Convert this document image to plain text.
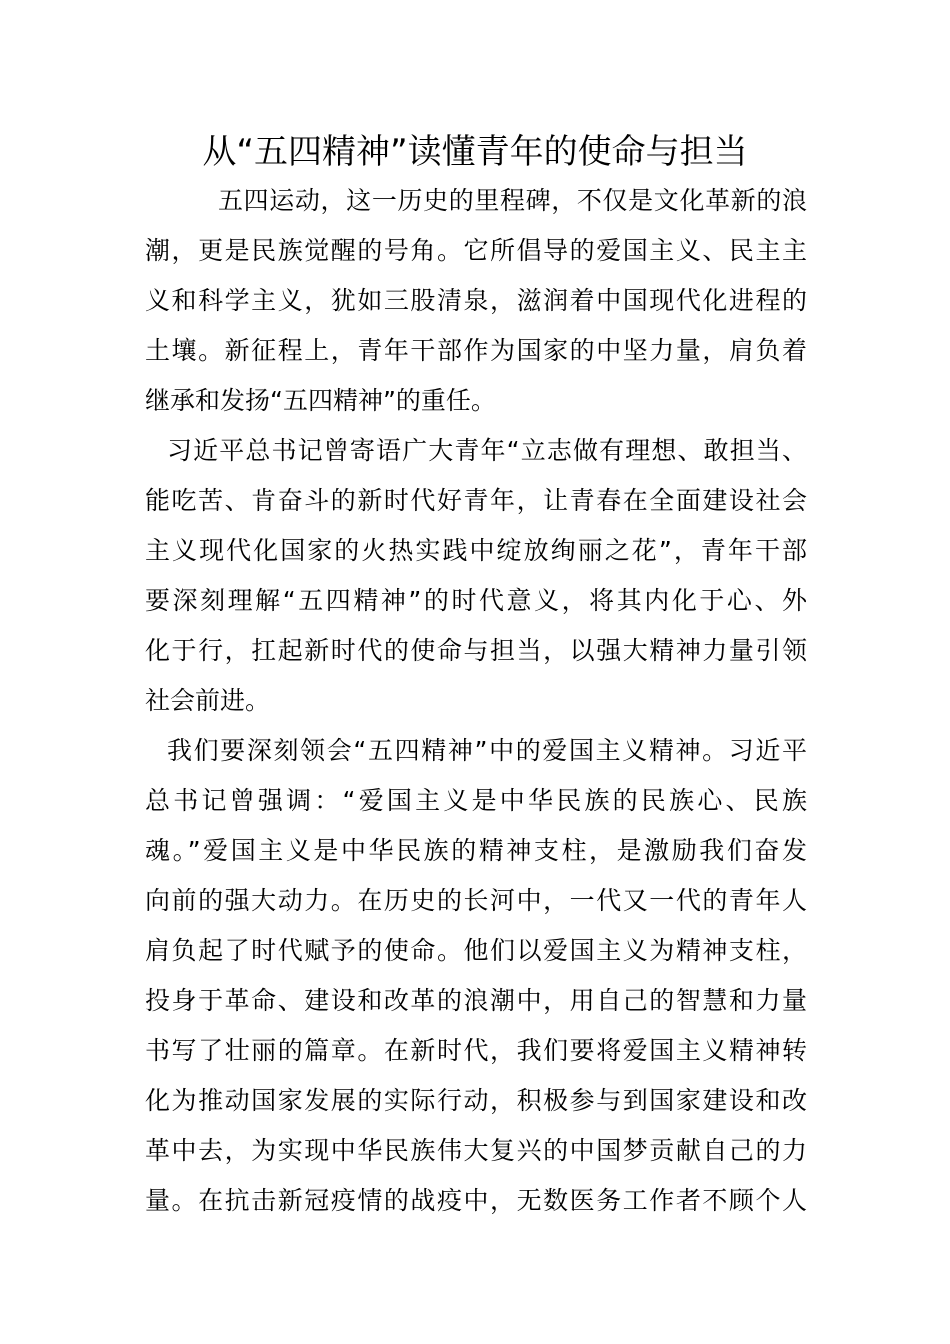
从“五四精神”读懂青年的使命与担当
五四运动，这一历史的里程碑，不仅是文化革新的浪
潮，更是民族觉醒的号角。它所倡导的爱国主义、民主主
义和科学主义，犹如三股清泉，滋润着中国现代化进程的
土壤。新征程上，青年干部作为国家的中坚力量，肩负着
继承和发扬“五四精神”的重任。
习近平总书记曾寄语广大青年“立志做有理想、敢担当、
能吃苦、肯奋斗的新时代好青年，让青春在全面建设社会
主义现代化国家的火热实践中绽放绚丽之花”，青年干部
要深刻理解“五四精神”的时代意义，将其内化于心、外
化于行，扛起新时代的使命与担当，以强大精神力量引领
社会前进。
我们要深刻领会“五四精神”中的爱国主义精神。习近平
总书记曾强调：“爱国主义是中华民族的民族心、民族
魂。”爱国主义是中华民族的精神支柱，是激励我们奋发
向前的强大动力。在历史的长河中，一代又一代的青年人
肩负起了时代赋予的使命。他们以爱国主义为精神支柱，
投身于革命、建设和改革的浪潮中，用自己的智慧和力量
书写了壮丽的篇章。在新时代，我们要将爱国主义精神转
化为推动国家发展的实际行动，积极参与到国家建设和改
革中去，为实现中华民族伟大复兴的中国梦贡献自己的力
量。在抗击新冠疫情的战疫中，无数医务工作者不顾个人
